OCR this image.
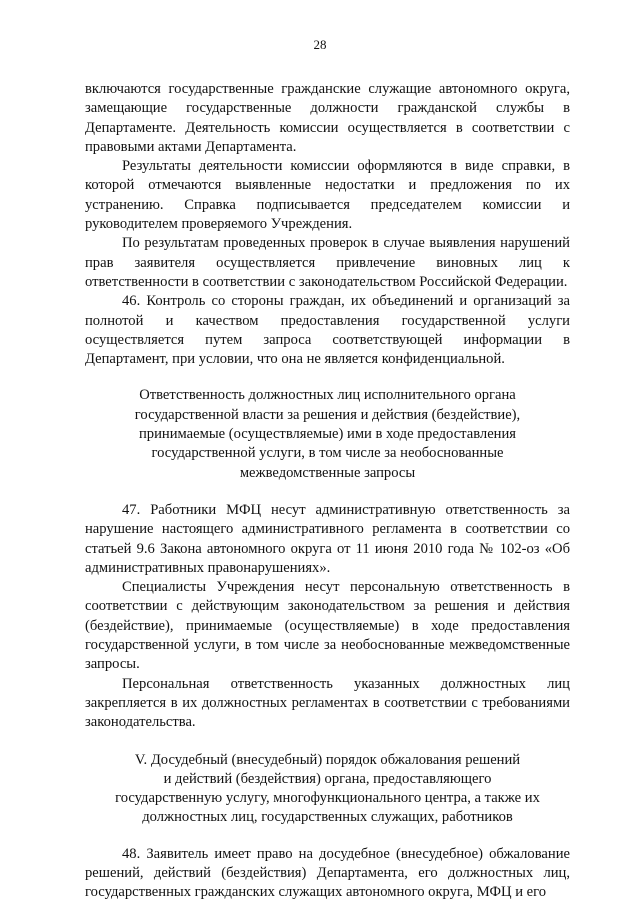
28

включаются государственные гражданские служащие автономного округа, замещающие государственные должности гражданской службы в Департаменте. Деятельность комиссии осуществляется в соответствии с правовыми актами Департамента.

Результаты деятельности комиссии оформляются в виде справки, в которой отмечаются выявленные недостатки и предложения по их устранению. Справка подписывается председателем комиссии и руководителем проверяемого Учреждения.

По результатам проведенных проверок в случае выявления нарушений прав заявителя осуществляется привлечение виновных лиц к ответственности в соответствии с законодательством Российской Федерации.

46. Контроль со стороны граждан, их объединений и организаций за полнотой и качеством предоставления государственной услуги осуществляется путем запроса соответствующей информации в Департамент, при условии, что она не является конфиденциальной.

Ответственность должностных лиц исполнительного органа
государственной власти за решения и действия (бездействие),
принимаемые (осуществляемые) ими в ходе предоставления
государственной услуги, в том числе за необоснованные
межведомственные запросы

47. Работники МФЦ несут административную ответственность за нарушение настоящего административного регламента в соответствии со статьей 9.6 Закона автономного округа от 11 июня 2010 года № 102-оз «Об административных правонарушениях».

Специалисты Учреждения несут персональную ответственность в соответствии с действующим законодательством за решения и действия (бездействие), принимаемые (осуществляемые) в ходе предоставления государственной услуги, в том числе за необоснованные межведомственные запросы.

Персональная ответственность указанных должностных лиц закрепляется в их должностных регламентах в соответствии с требованиями законодательства.

V. Досудебный (внесудебный) порядок обжалования решений
и действий (бездействия) органа, предоставляющего
государственную услугу, многофункционального центра, а также их
должностных лиц, государственных служащих, работников

48. Заявитель имеет право на досудебное (внесудебное) обжалование решений, действий (бездействия) Департамента, его должностных лиц, государственных гражданских служащих автономного округа, МФЦ и его
